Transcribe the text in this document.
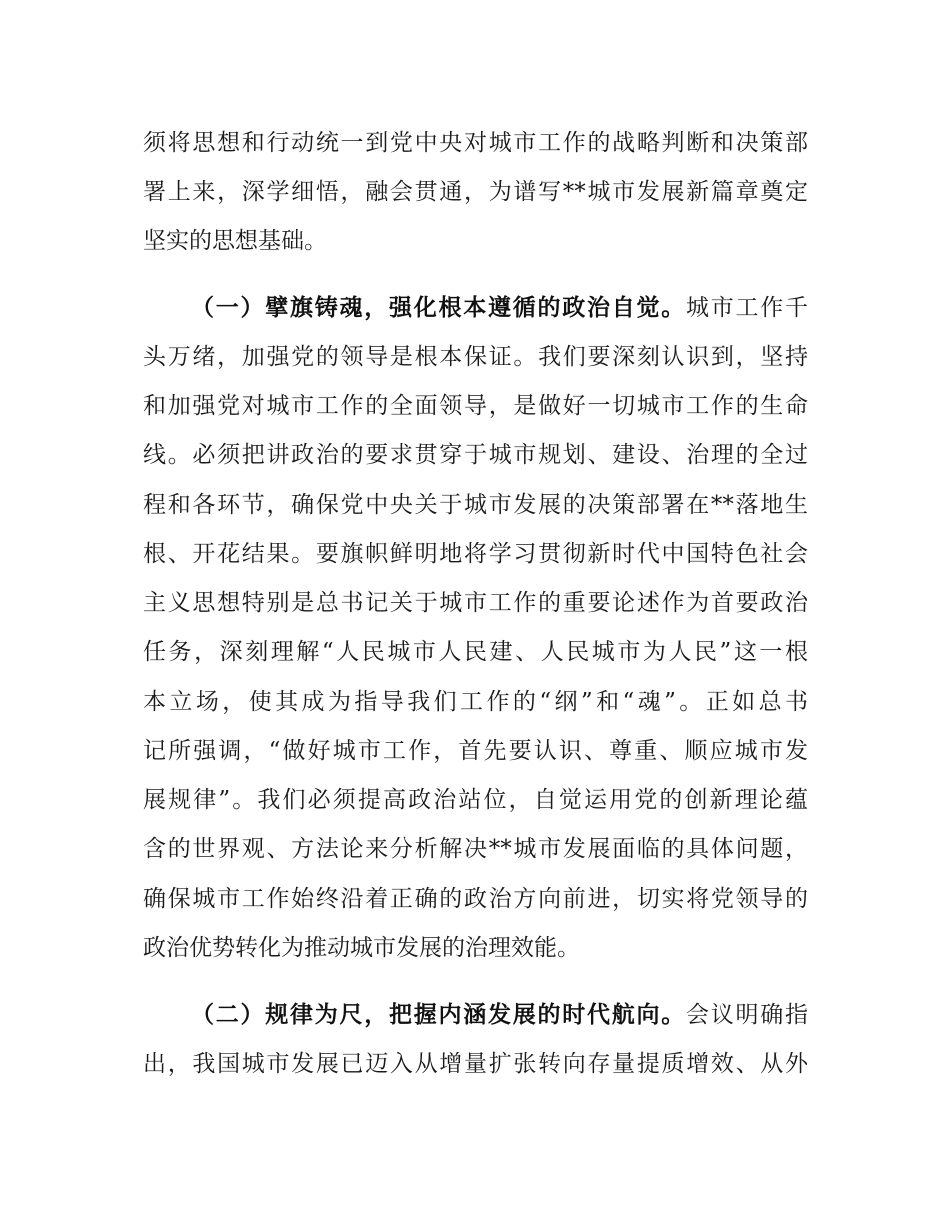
须将思想和行动统一到党中央对城市工作的战略判断和决策部
署上来，深学细悟，融会贯通，为谱写**城市发展新篇章奠定
坚实的思想基础。
（一）擘旗铸魂，强化根本遵循的政治自觉。城市工作千
头万绪，加强党的领导是根本保证。我们要深刻认识到，坚持
和加强党对城市工作的全面领导，是做好一切城市工作的生命
线。必须把讲政治的要求贯穿于城市规划、建设、治理的全过
程和各环节，确保党中央关于城市发展的决策部署在**落地生
根、开花结果。要旗帜鲜明地将学习贯彻新时代中国特色社会
主义思想特别是总书记关于城市工作的重要论述作为首要政治
任务，深刻理解“人民城市人民建、人民城市为人民”这一根
本立场，使其成为指导我们工作的“纲”和“魂”。正如总书
记所强调，“做好城市工作，首先要认识、尊重、顺应城市发
展规律”。我们必须提高政治站位，自觉运用党的创新理论蕴
含的世界观、方法论来分析解决**城市发展面临的具体问题，
确保城市工作始终沿着正确的政治方向前进，切实将党领导的
政治优势转化为推动城市发展的治理效能。
（二）规律为尺，把握内涵发展的时代航向。会议明确指
出，我国城市发展已迈入从增量扩张转向存量提质增效、从外
